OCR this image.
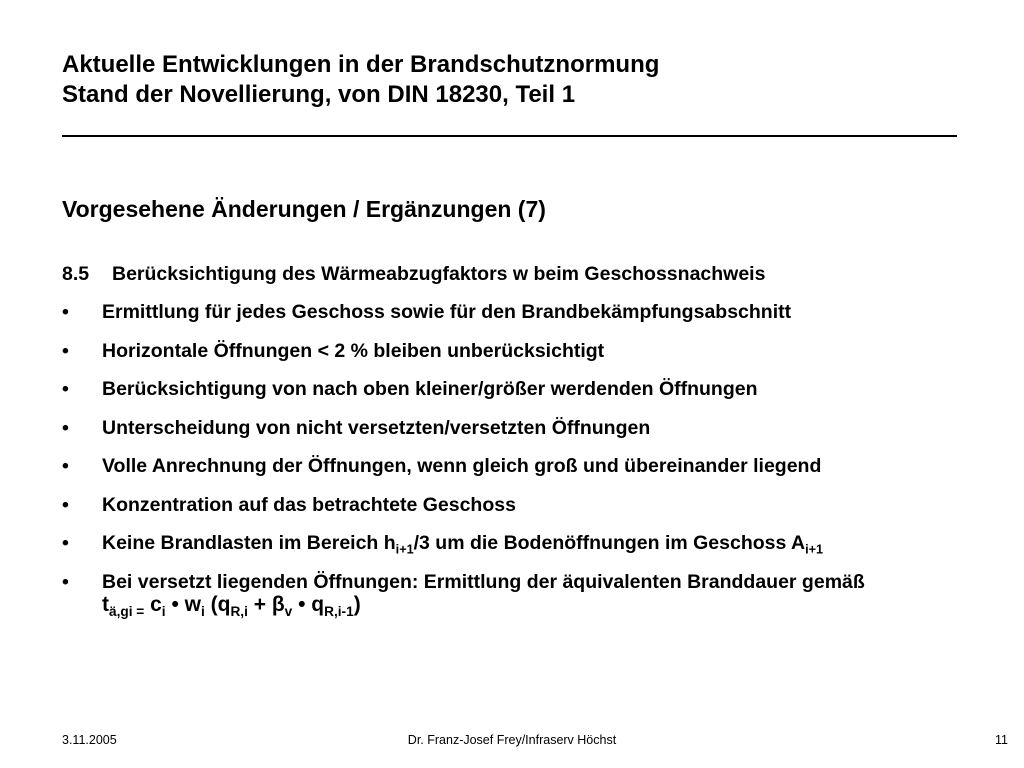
Aktuelle Entwicklungen in der Brandschutznormung
Stand der Novellierung, von DIN 18230, Teil 1
Vorgesehene Änderungen / Ergänzungen (7)
8.5 Berücksichtigung des Wärmeabzugfaktors w beim Geschossnachweis
• Ermittlung für jedes Geschoss sowie für den Brandbekämpfungsabschnitt
• Horizontale Öffnungen < 2 % bleiben unberücksichtigt
• Berücksichtigung von nach oben kleiner/größer werdenden Öffnungen
• Unterscheidung von nicht versetzten/versetzten Öffnungen
• Volle Anrechnung der Öffnungen, wenn gleich groß und übereinander liegend
• Konzentration auf das betrachtete Geschoss
• Keine Brandlasten im Bereich $h_{i+1}/3$ um die Bodenöffnungen im Geschoss $A_{i+1}$
• Bei versetzt liegenden Öffnungen: Ermittlung der äquivalenten Branddauer gemäß
$t_{ä,gi =}$ $c_i$ • $w_i$ ($q_{R,i} + \beta_v$ • $q_{R,i-1}$)
3.11.2005	Dr. Franz-Josef Frey/Infraserv Höchst	11
